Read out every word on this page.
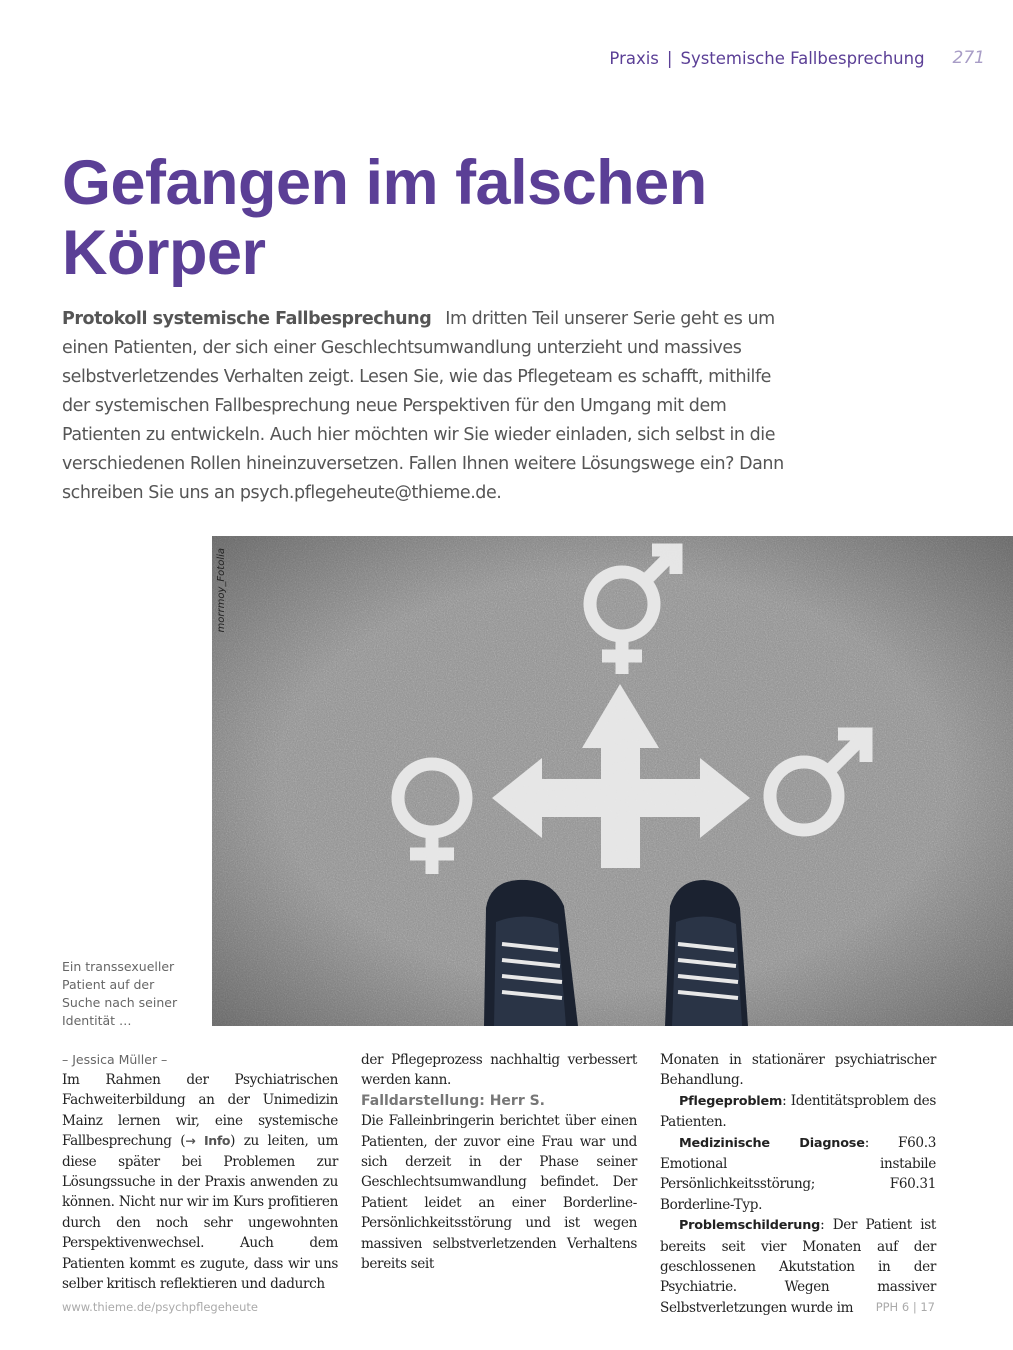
Praxis | Systemische Fallbesprechung 271
Gefangen im falschen
Körper
Protokoll systemische Fallbesprechung Im dritten Teil unserer Serie geht es um einen Patienten, der sich einer Geschlechtsumwandlung unterzieht und massives selbstverletzendes Verhalten zeigt. Lesen Sie, wie das Pflegeteam es schafft, mithilfe der systemischen Fallbesprechung neue Perspektiven für den Umgang mit dem Patienten zu entwickeln. Auch hier möchten wir Sie wieder einladen, sich selbst in die verschiedenen Rollen hineinzuversetzen. Fallen Ihnen weitere Lösungswege ein? Dann schreiben Sie uns an psych.pflegeheute@thieme.de.
morrmoy_Fotolia
Ein transsexueller Patient auf der Suche nach seiner Identität …

– Jessica Müller –

Im Rahmen der Psychiatrischen Fachweiterbildung an der Unimedizin Mainz lernen wir, eine systemische Fallbesprechung (→ Info) zu leiten, um diese später bei Problemen zur Lösungssuche in der Praxis anwenden zu können. Nicht nur wir im Kurs profitieren durch den noch sehr ungewohnten Perspektivenwechsel. Auch dem Patienten kommt es zugute, dass wir uns selber kritisch reflektieren und dadurch

der Pflegeprozess nachhaltig verbessert werden kann.

Falldarstellung: Herr S.

Die Falleinbringerin berichtet über einen Patienten, der zuvor eine Frau war und sich derzeit in der Phase seiner Geschlechtsumwandlung befindet. Der Patient leidet an einer Borderline-Persönlichkeitsstörung und ist wegen massiven selbstverletzenden Verhaltens bereits seit

Monaten in stationärer psychiatrischer Behandlung.

Pflegeproblem: Identitätsproblem des Patienten.

Medizinische Diagnose: F60.3 Emotional instabile Persönlichkeitsstörung; F60.31 Borderline-Typ.

Problemschilderung: Der Patient ist bereits seit vier Monaten auf der geschlossenen Akutstation in der Psychiatrie. Wegen massiver Selbstverletzungen wurde im

www.thieme.de/psychpflegeheute	PPH 6 | 17
